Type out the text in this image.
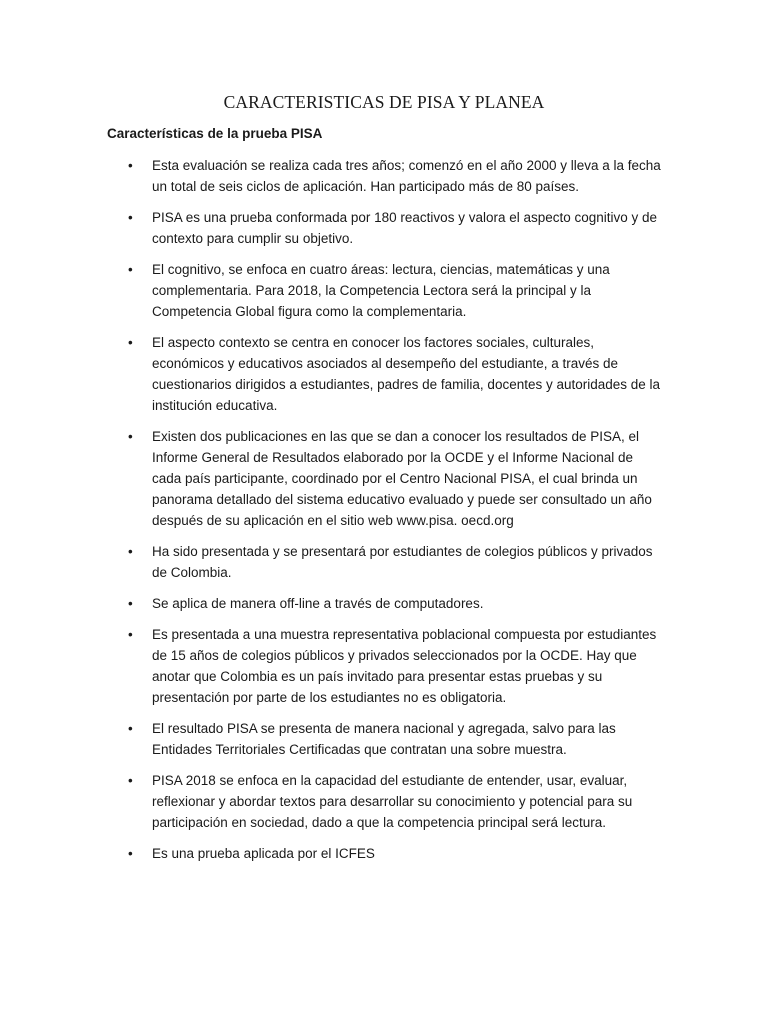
CARACTERISTICAS DE PISA Y PLANEA
Características de la prueba PISA
• Esta evaluación se realiza cada tres años; comenzó en el año 2000 y lleva a la fecha un total de seis ciclos de aplicación. Han participado más de 80 países.
• PISA es una prueba conformada por 180 reactivos y valora el aspecto cognitivo y de contexto para cumplir su objetivo.
• El cognitivo, se enfoca en cuatro áreas: lectura, ciencias, matemáticas y una complementaria. Para 2018, la Competencia Lectora será la principal y la Competencia Global figura como la complementaria.
• El aspecto contexto se centra en conocer los factores sociales, culturales, económicos y educativos asociados al desempeño del estudiante, a través de cuestionarios dirigidos a estudiantes, padres de familia, docentes y autoridades de la institución educativa.
• Existen dos publicaciones en las que se dan a conocer los resultados de PISA, el Informe General de Resultados elaborado por la OCDE y el Informe Nacional de cada país participante, coordinado por el Centro Nacional PISA, el cual brinda un panorama detallado del sistema educativo evaluado y puede ser consultado un año después de su aplicación en el sitio web www.pisa. oecd.org
• Ha sido presentada y se presentará por estudiantes de colegios públicos y privados de Colombia.
• Se aplica de manera off-line a través de computadores.
• Es presentada a una muestra representativa poblacional compuesta por estudiantes de 15 años de colegios públicos y privados seleccionados por la OCDE. Hay que anotar que Colombia es un país invitado para presentar estas pruebas y su presentación por parte de los estudiantes no es obligatoria.
• El resultado PISA se presenta de manera nacional y agregada, salvo para las Entidades Territoriales Certificadas que contratan una sobre muestra.
• PISA 2018 se enfoca en la capacidad del estudiante de entender, usar, evaluar, reflexionar y abordar textos para desarrollar su conocimiento y potencial para su participación en sociedad, dado a que la competencia principal será lectura.
• Es una prueba aplicada por el ICFES
